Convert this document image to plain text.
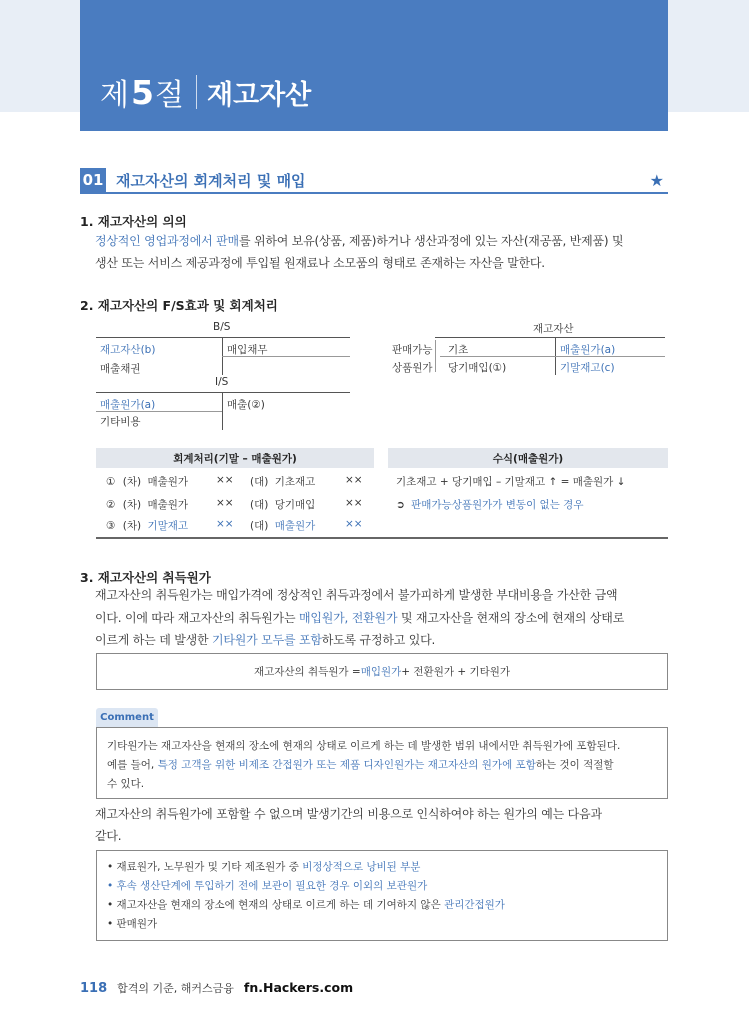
제 5 절 재고자산
01 재고자산의 회계처리 및 매입	★
1. 재고자산의 의의
정상적인 영업과정에서 판매를 위하여 보유(상품, 제품)하거나 생산과정에 있는 자산(재공품, 반제품) 및
생산 또는 서비스 제공과정에 투입될 원재료나 소모품의 형태로 존재하는 자산을 말한다.
2. 재고자산의 F/S효과 및 회계처리
B/S
재고자산(b)	매입채무
매출채권
I/S
매출원가(a)	매출(②)
기타비용
재고자산
판매가능
상품원가
기초	매출원가(a)
당기매입(①)	기말재고(c)
회계처리(기말 – 매출원가)	수식(매출원가)
① (차) 매출원가	×× (대) 기초재고	××
② (차) 매출원가	×× (대) 당기매입	××
③ (차) 기말재고	×× (대) 매출원가	××
기초재고 + 당기매입 – 기말재고 ↑ = 매출원가 ↓
➲ 판매가능상품원가가 변동이 없는 경우
3. 재고자산의 취득원가
재고자산의 취득원가는 매입가격에 정상적인 취득과정에서 불가피하게 발생한 부대비용을 가산한 금액
이다. 이에 따라 재고자산의 취득원가는 매입원가, 전환원가 및 재고자산을 현재의 장소에 현재의 상태로
이르게 하는 데 발생한 기타원가 모두를 포함하도록 규정하고 있다.
재고자산의 취득원가 = 매입원가 + 전환원가 + 기타원가
Comment
기타원가는 재고자산을 현재의 장소에 현재의 상태로 이르게 하는 데 발생한 범위 내에서만 취득원가에 포함된다.
예를 들어, 특정 고객을 위한 비제조 간접원가 또는 제품 디자인원가는 재고자산의 원가에 포함하는 것이 적절할
수 있다.
재고자산의 취득원가에 포함할 수 없으며 발생기간의 비용으로 인식하여야 하는 원가의 예는 다음과
같다.
• 재료원가, 노무원가 및 기타 제조원가 중 비정상적으로 낭비된 부분
• 후속 생산단계에 투입하기 전에 보관이 필요한 경우 이외의 보관원가
• 재고자산을 현재의 장소에 현재의 상태로 이르게 하는 데 기여하지 않은 관리간접원가
• 판매원가
118 합격의 기준, 해커스금융 fn.Hackers.com
